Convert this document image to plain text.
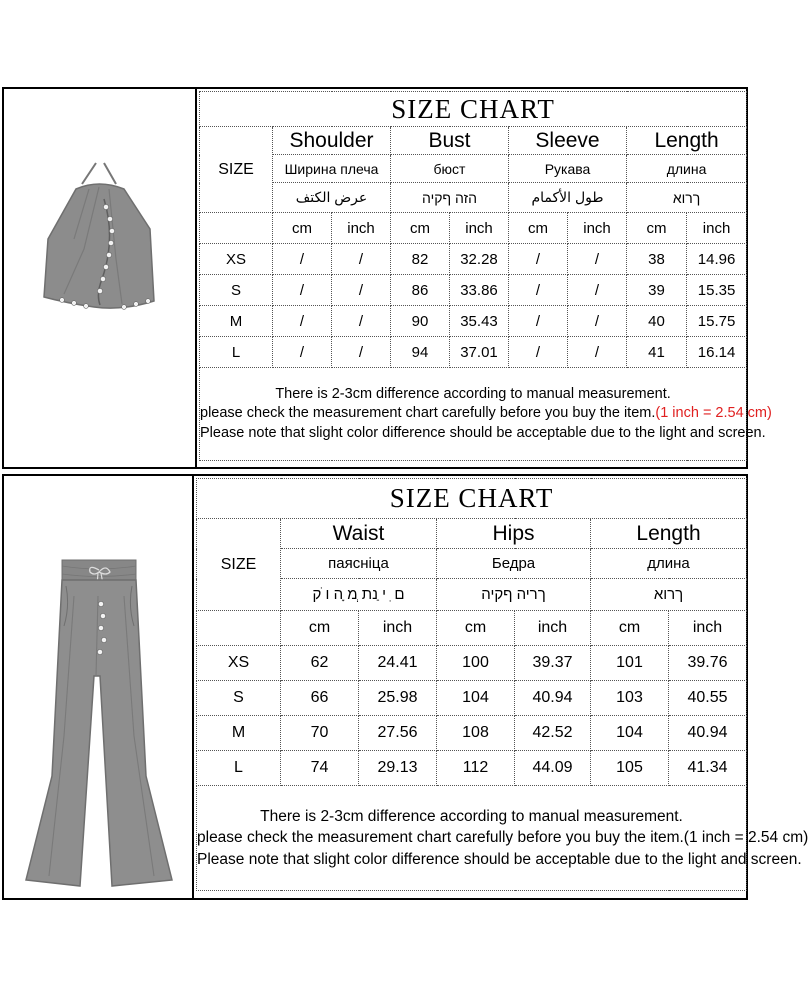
SIZE CHART								
SIZE	Shoulder		Bust		Sleeve		Length	
	Ширина плеча		бюст		Рукава		длина	
	عرض الكتف		הזה ףקיה		طول الأكمام		ךרוא	
	cm	inch	cm	inch	cm	inch	cm	inch
XS	/	/	82	32.28	/	/	38	14.96
S	/	/	86	33.86	/	/	39	15.35
M	/	/	90	35.43	/	/	40	15.75
L	/	/	94	37.01	/	/	41	16.14

There is 2-3cm difference according to manual measurement.
please check the measurement chart carefully before you buy the item.(1 inch = 2.54 cm)
Please note that slight color difference should be acceptable due to the light and screen.								
SIZE CHART						
SIZE	Waist		Hips		Length	
	паясніца		Бедра		длина	
	ם ִ י ַנת ְמ ָה ו ֹק		ךריה ףקיה		ךרוא	
	cm	inch	cm	inch	cm	inch
XS	62	24.41	100	39.37	101	39.76
S	66	25.98	104	40.94	103	40.55
M	70	27.56	108	42.52	104	40.94
L	74	29.13	112	44.09	105	41.34

There is 2-3cm difference according to manual measurement.
please check the measurement chart carefully before you buy the item.(1 inch = 2.54 cm)
Please note that slight color difference should be acceptable due to the light and screen.						
